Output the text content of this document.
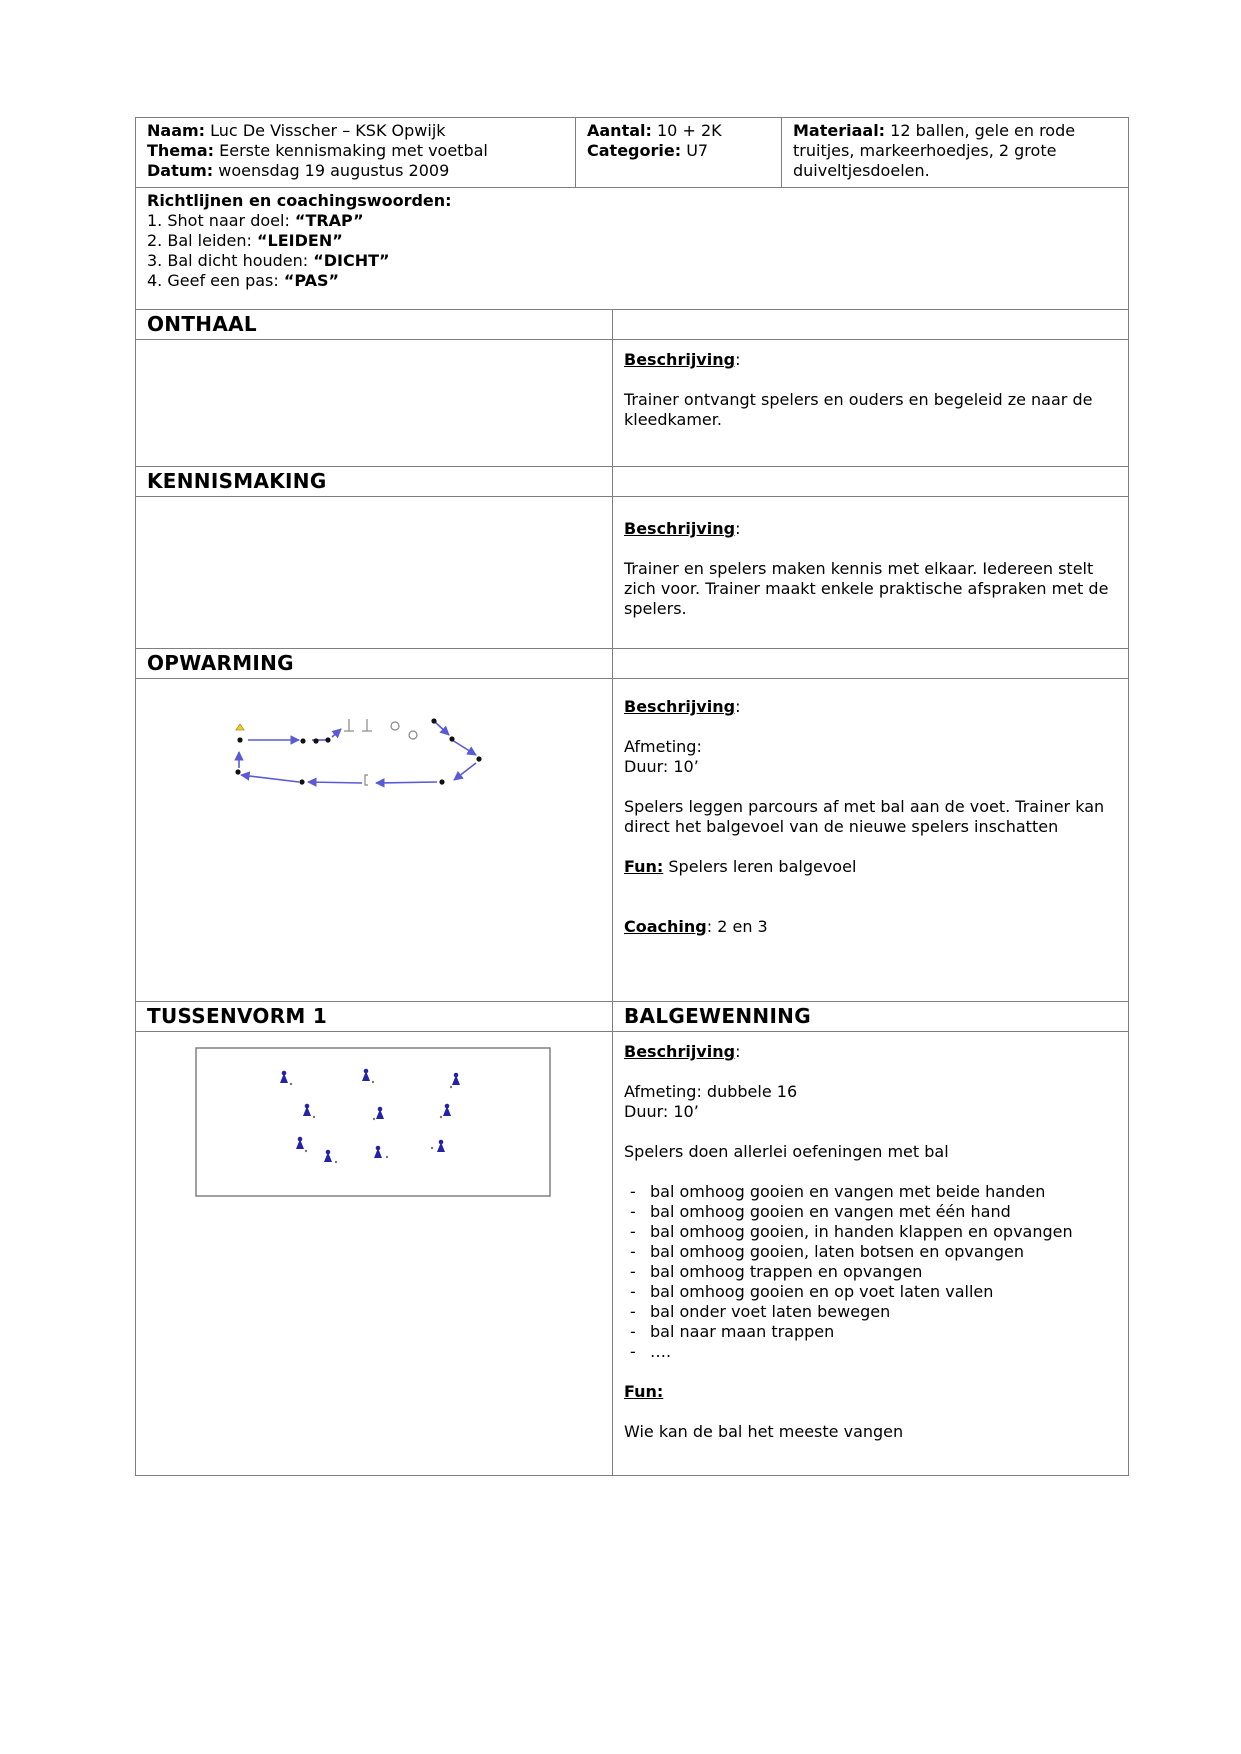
Naam: Luc De Visscher – KSK Opwijk
Thema: Eerste kennismaking met voetbal
Datum: woensdag 19 augustus 2009
Aantal: 10 + 2K
Categorie: U7
Materiaal: 12 ballen, gele en rode truitjes, markeerhoedjes, 2 grote duiveltjesdoelen.
Richtlijnen en coachingswoorden:
1. Shot naar doel: “TRAP”
2. Bal leiden: “LEIDEN”
3. Bal dicht houden: “DICHT”
4. Geef een pas: “PAS”
ONTHAAL
Beschrijving:
Trainer ontvangt spelers en ouders en begeleid ze naar de kleedkamer.
KENNISMAKING
Beschrijving:
Trainer en spelers maken kennis met elkaar. Iedereen stelt zich voor. Trainer maakt enkele praktische afspraken met de spelers.
OPWARMING
Beschrijving:
Afmeting:
Duur: 10’
Spelers leggen parcours af met bal aan de voet. Trainer kan direct het balgevoel van de nieuwe spelers inschatten
Fun: Spelers leren balgevoel
Coaching: 2 en 3
TUSSENVORM 1	BALGEWENNING
Beschrijving:
Afmeting: dubbele 16
Duur: 10’
Spelers doen allerlei oefeningen met bal
- bal omhoog gooien en vangen met beide handen
- bal omhoog gooien en vangen met één hand
- bal omhoog gooien, in handen klappen en opvangen
- bal omhoog gooien, laten botsen en opvangen
- bal omhoog trappen en opvangen
- bal omhoog gooien en op voet laten vallen
- bal onder voet laten bewegen
- bal naar maan trappen
- ….
Fun:
Wie kan de bal het meeste vangen
